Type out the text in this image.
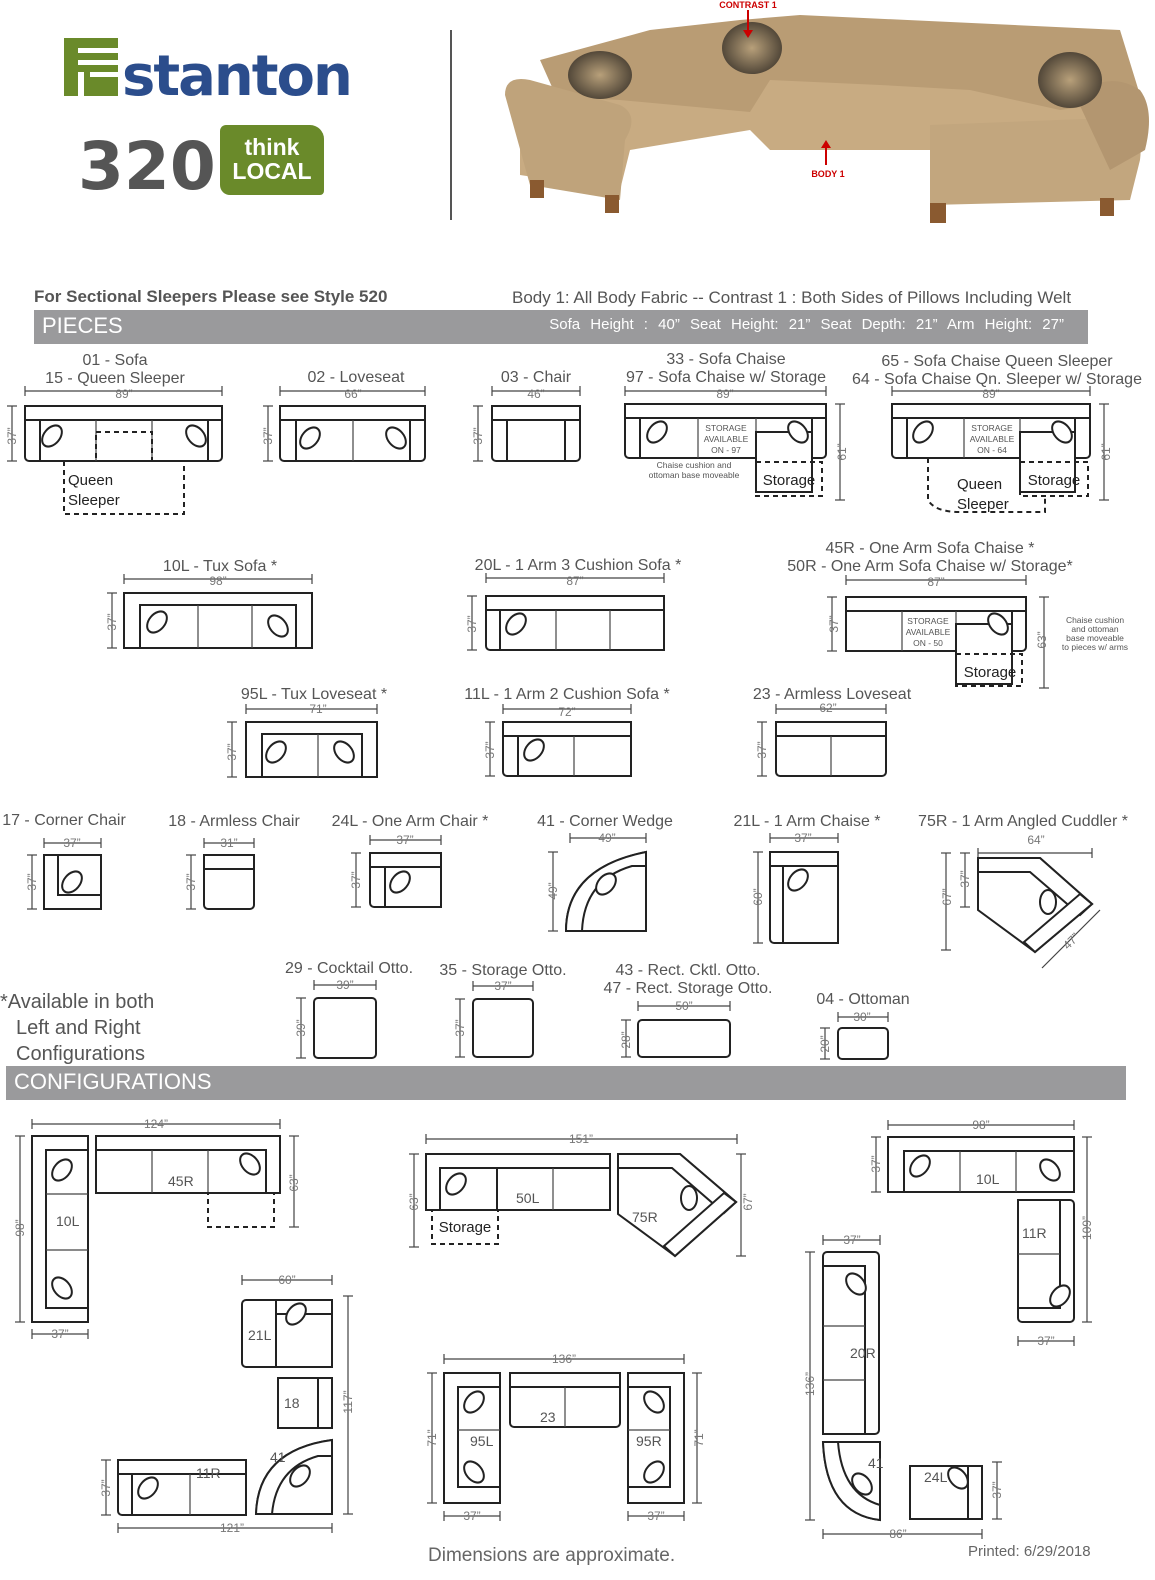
stanton
320	think
LOCAL
CONTRAST 1
BODY 1
For Sectional Sleepers Please see Style 520	Body 1: All Body Fabric -- Contrast 1 : Both Sides of Pillows Including Welt
PIECES	Sofa Height : 40” Seat Height: 21” Seat Depth: 21” Arm Height: 27”
01 - Sofa
15 - Queen Sleeper	02 - Loveseat	03 - Chair
33 - Sofa Chaise
97 - Sofa Chaise w/ Storage
65 - Sofa Chaise Queen Sleeper
64 - Sofa Chaise Qn. Sleeper w/ Storage
10L - Tux Sofa *	20L - 1 Arm 3 Cushion Sofa *
45R - One Arm Sofa Chaise *
50R - One Arm Sofa Chaise w/ Storage*
95L - Tux Loveseat *	11L - 1 Arm 2 Cushion Sofa *	23 - Armless Loveseat
17 - Corner Chair	18 - Armless Chair	24L - One Arm Chair *	41 - Corner Wedge	21L - 1 Arm Chaise *	75R - 1 Arm Angled Cuddler *
29 - Cocktail Otto.	35 - Storage Otto.	43 - Rect. Cktl. Otto.
47 - Rect. Storage Otto.
04 - Ottoman
*Available in both
Left and Right
Configurations
CONFIGURATIONS
89”
37”
Queen
Sleeper
66”
37”
46”
37”
89”
61”
STORAGE
AVAILABLE
ON - 97
Chaise cushion and
ottoman base moveable Storage
89”
61”
STORAGE
AVAILABLE
ON - 64
Storage
Queen
Sleeper
98”
37”
87”
37”
87”
37”
63”
STORAGE
AVAILABLE
ON - 50
Storage
Chaise cushion
and ottoman
base moveable
to pieces w/ arms
71”
37”
72”
37”
62”
37”
37”
37”
31”
37”
37”
37”
49”
49”
37”
60”
64”
67”
37”
47”
39”
39”
37”
37”
50”
28”
30”
20”
124”
98”
63”
37”
10L
45R
151”
63”	67”
50L
Storage
75R
98”
37”
109”
37”
10L
11R
60”
117”
37”
121”
21L
18
41
11R
136”
71”	71”
37”	37”
95L
23
95R
37”
136”
86”
37”
20R
41
24L
Dimensions are approximate.	Printed: 6/29/2018
